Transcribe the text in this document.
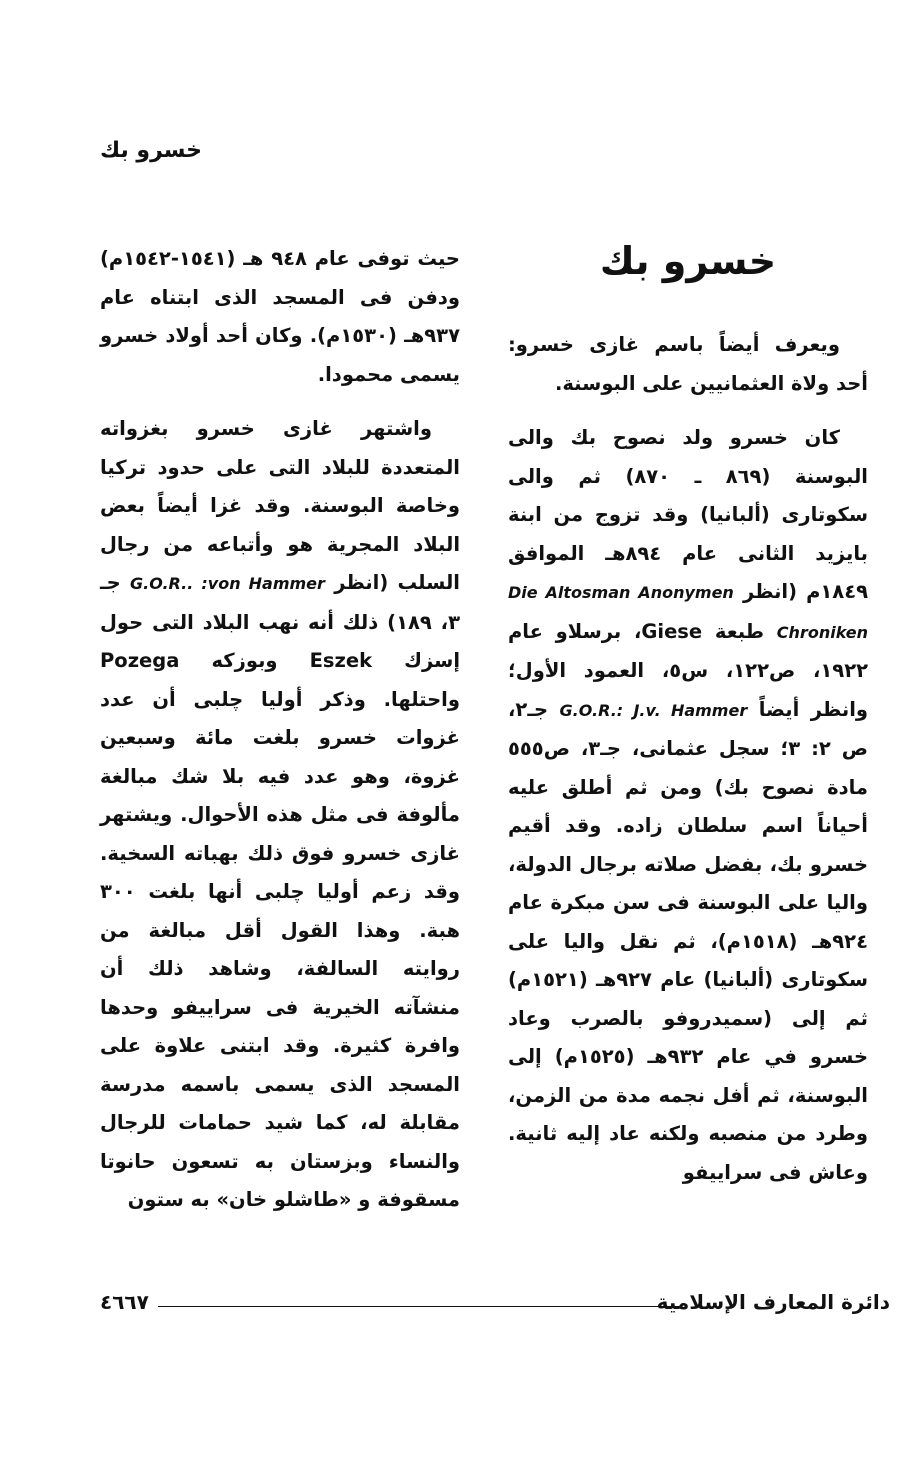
خسرو بك
خسرو بك

ويعرف أيضاً باسم غازى خسرو: أحد ولاة العثمانيين على البوسنة.

كان خسرو ولد نصوح بك والى البوسنة (٨٦٩ ـ ٨٧٠) ثم والى سكوتارى (ألبانيا) وقد تزوج من ابنة بايزيد الثانى عام ٨٩٤هـ الموافق ١٨٤٩م (انظر Die Altosman Anonymen Chroniken طبعة Giese، برسلاو عام ١٩٢٢، ص١٢٢، س٥، العمود الأول؛ وانظر أيضاً G.O.R.: J.v. Hammer جـ٢، ص ٢: ٣؛ سجل عثمانى، جـ٣، ص٥٥٥ مادة نصوح بك) ومن ثم أطلق عليه أحياناً اسم سلطان زاده. وقد أقيم خسرو بك، بفضل صلاته برجال الدولة، واليا على البوسنة فى سن مبكرة عام ٩٢٤هـ (١٥١٨م)، ثم نقل واليا على سكوتارى (ألبانيا) عام ٩٢٧هـ (١٥٢١م) ثم إلى (سميدروفو بالصرب وعاد خسرو في عام ٩٣٢هـ (١٥٢٥م) إلى البوسنة، ثم أفل نجمه مدة من الزمن، وطرد من منصبه ولكنه عاد إليه ثانية. وعاش فى سراييفو

حيث توفى عام ٩٤٨ هـ (١٥٤١-١٥٤٢م) ودفن فى المسجد الذى ابتناه عام ٩٣٧هـ (١٥٣٠م). وكان أحد أولاد خسرو يسمى محمودا.

واشتهر غازى خسرو بغزواته المتعددة للبلاد التى على حدود تركيا وخاصة البوسنة. وقد غزا أيضاً بعض البلاد المجرية هو وأتباعه من رجال السلب (انظر G.O.R.. :von Hammer جـ ٣، ١٨٩) ذلك أنه نهب البلاد التى حول إسزك Eszek وبوزكه Pozega واحتلها. وذكر أوليا چلبى أن عدد غزوات خسرو بلغت مائة وسبعين غزوة، وهو عدد فيه بلا شك مبالغة مألوفة فى مثل هذه الأحوال. ويشتهر غازى خسرو فوق ذلك بهباته السخية. وقد زعم أوليا چلبى أنها بلغت ٣٠٠ هبة. وهذا القول أقل مبالغة من روايته السالفة، وشاهد ذلك أن منشآته الخيرية فى سراييفو وحدها وافرة كثيرة. وقد ابتنى علاوة على المسجد الذى يسمى باسمه مدرسة مقابلة له، كما شيد حمامات للرجال والنساء وبزستان به تسعون حانوتا مسقوفة و «طاشلو خان» به ستون

٤٦٦٧	دائرة المعارف الإسلامية
